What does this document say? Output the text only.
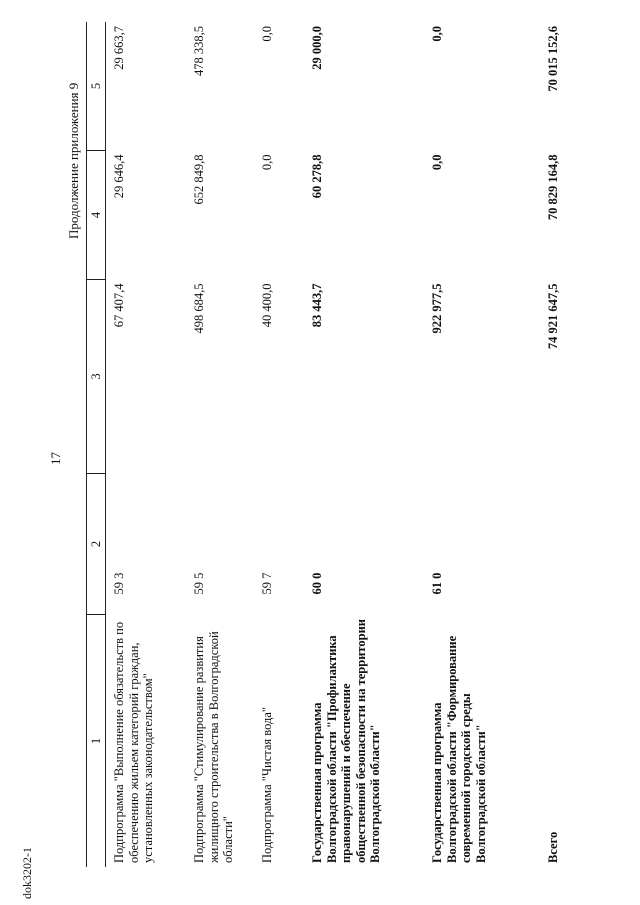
17
Продолжение приложения 9
dok3202-1
1	2	3	4	5
Подпрограмма "Выполнение обязательств по обеспечению жильем категорий граждан, установленных законодательством"	59 3	67 407,4	29 646,4	29 663,7
Подпрограмма "Стимулирование развития жилищного строительства в Волгоградской области"	59 5	498 684,5	652 849,8	478 338,5
Подпрограмма "Чистая вода"	59 7	40 400,0	0,0	0,0
Государственная программа Волгоградской области "Профилактика правонарушений и обеспечение общественной безопасности на территории Волгоградской области"	60 0	83 443,7	60 278,8	29 000,0
Государственная программа Волгоградской области "Формирование современной городской среды Волгоградской области"	61 0	922 977,5	0,0	0,0
Всего		74 921 647,5	70 829 164,8	70 015 152,6
